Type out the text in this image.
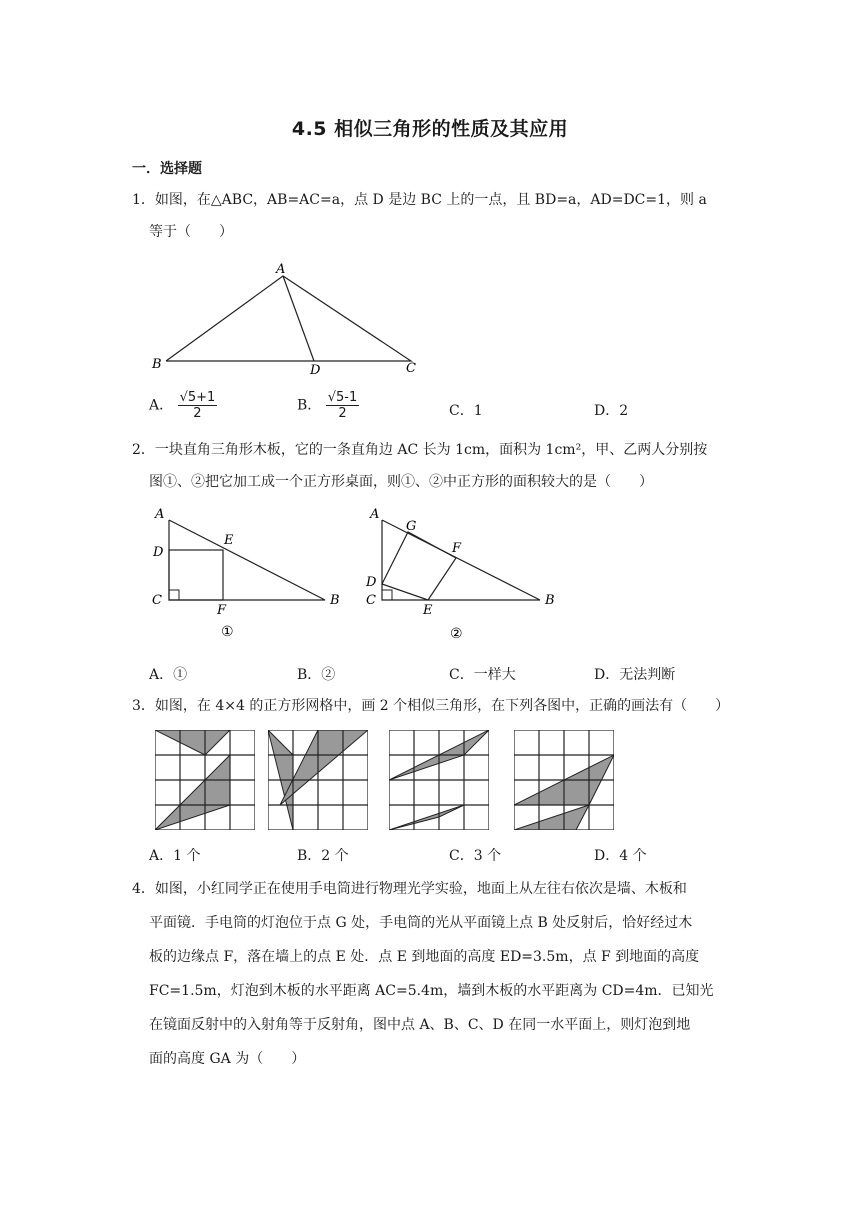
4.5 相似三角形的性质及其应用
一．选择题
1．如图，在△ABC，AB=AC=a，点 D 是边 BC 上的一点，且 BD=a，AD=DC=1，则 a
等于（　　）
A
B	D	C
A． $\frac{√5+1}{2}$	B． $\frac{√5-1}{2}$	C．1	D．2
2．一块直角三角形木板，它的一条直角边 AC 长为 1cm，面积为 1cm²，甲、乙两人分别按
图①、②把它加工成一个正方形桌面，则①、②中正方形的面积较大的是（　　）
A
D
E
C
F
B
①
A
G
F
D
C
E
B
②
A．①	B．②	C．一样大	D．无法判断
3．如图，在 4×4 的正方形网格中，画 2 个相似三角形，在下列各图中，正确的画法有（　　）
A．1 个	B．2 个	C．3 个	D．4 个
4．如图，小红同学正在使用手电筒进行物理光学实验，地面上从左往右依次是墙、木板和
平面镜．手电筒的灯泡位于点 G 处，手电筒的光从平面镜上点 B 处反射后，恰好经过木
板的边缘点 F，落在墙上的点 E 处．点 E 到地面的高度 ED=3.5m，点 F 到地面的高度
FC=1.5m，灯泡到木板的水平距离 AC=5.4m，墙到木板的水平距离为 CD=4m．已知光
在镜面反射中的入射角等于反射角，图中点 A、B、C、D 在同一水平面上，则灯泡到地
面的高度 GA 为（　　）
